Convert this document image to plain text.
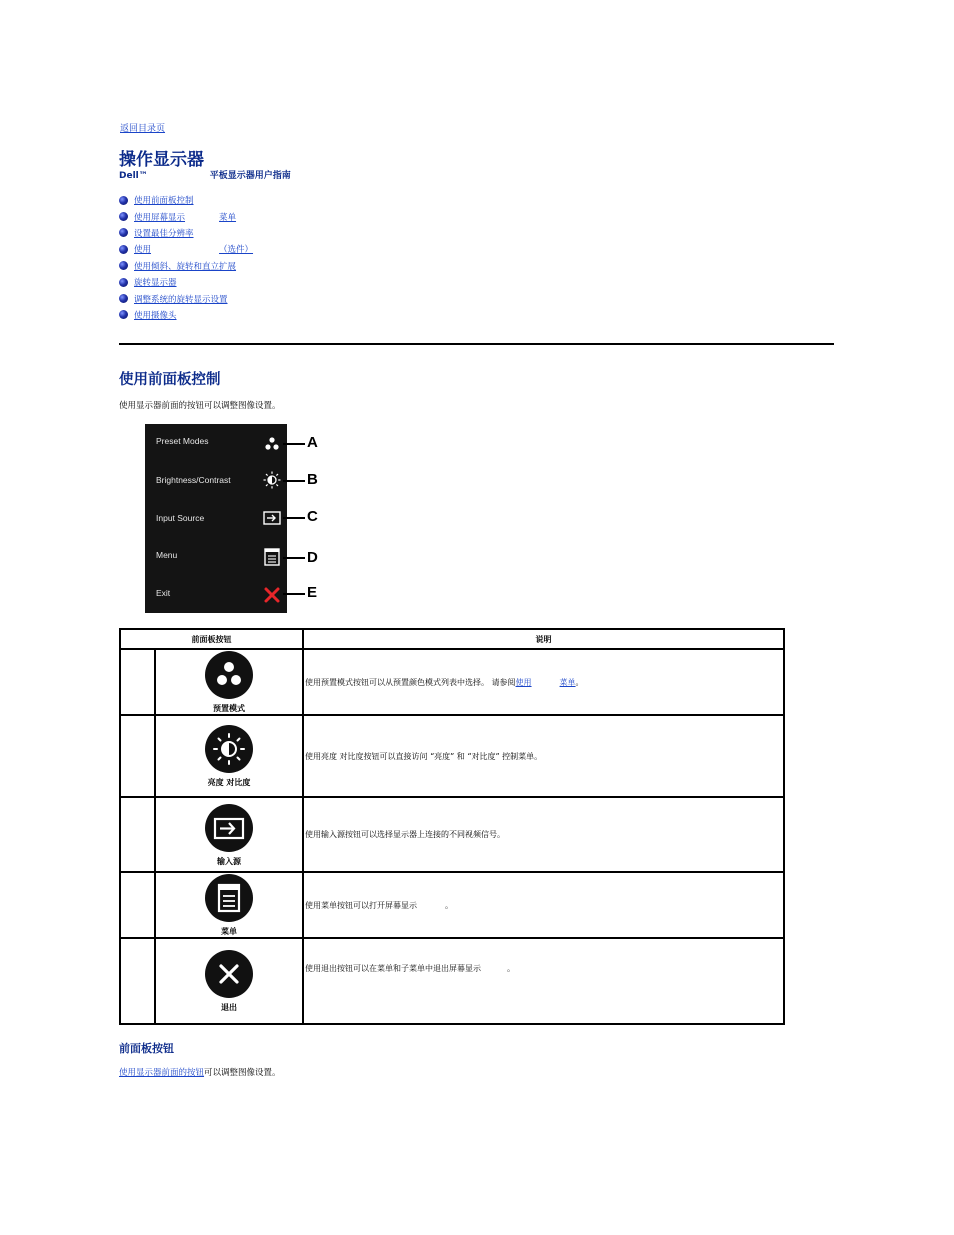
返回目录页
操作显示器
Dell™	平板显示器用户指南
使用前面板控制
使用屏幕显示	菜单
设置最佳分辨率
使用	（选件）
使用倾斜、旋转和直立扩展
旋转显示器
调整系统的旋转显示设置
使用摄像头
使用前面板控制
使用显示器前面的按钮可以调整图像设置。
Preset Modes
Brightness/Contrast
Input Source
Menu
Exit
A
B
C
D
E
前面板按钮		说明

	预置模式	使用预置模式按钮可以从预置颜色模式列表中选择。 请参阅使用 菜单。

	亮度 对比度	使用亮度 对比度按钮可以直接访问 “亮度” 和 “对比度” 控制菜单。

	输入源	使用输入源按钮可以选择显示器上连接的不同视频信号。

	菜单	使用菜单按钮可以打开屏幕显示 。

	退出	使用退出按钮可以在菜单和子菜单中退出屏幕显示 。
前面板按钮
使用显示器前面的按钮可以调整图像设置。
